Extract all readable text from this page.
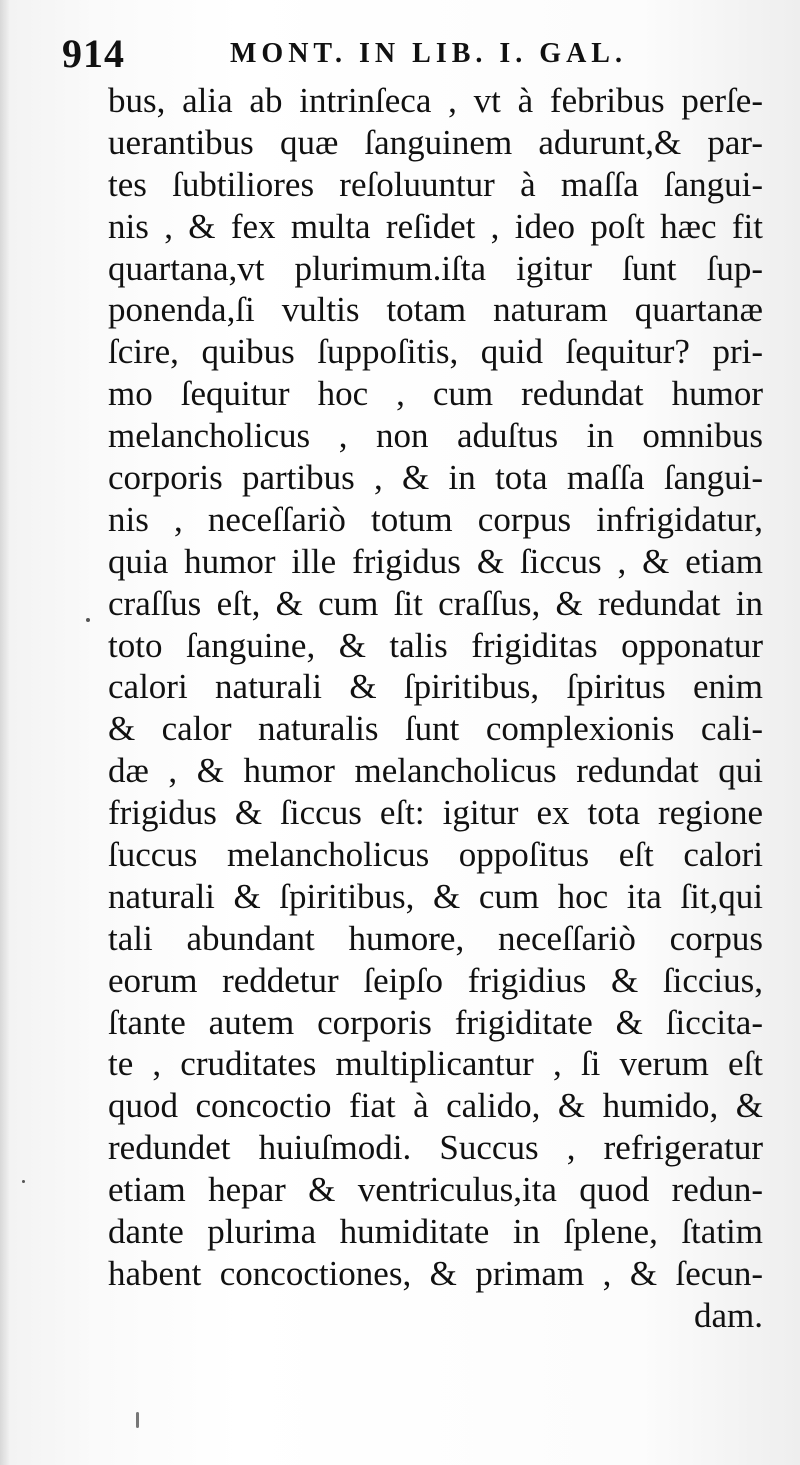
914	MONT. IN LIB. I. GAL.
bus, alia ab intrinſeca , vt à febribus perſe-
uerantibus quæ ſanguinem adurunt,& par-
tes ſubtiliores reſoluuntur à maſſa ſangui-
nis , & fex multa reſidet , ideo poſt hæc fit
quartana,vt plurimum.iſta igitur ſunt ſup-
ponenda,ſi vultis totam naturam quartanæ
ſcire, quibus ſuppoſitis, quid ſequitur? pri-
mo ſequitur hoc , cum redundat humor
melancholicus , non aduſtus in omnibus
corporis partibus , & in tota maſſa ſangui-
nis , neceſſariò totum corpus infrigidatur,
quia humor ille frigidus & ſiccus , & etiam
craſſus eſt, & cum ſit craſſus, & redundat in
toto ſanguine, & talis frigiditas opponatur
calori naturali & ſpiritibus, ſpiritus enim
& calor naturalis ſunt complexionis cali-
dæ , & humor melancholicus redundat qui
frigidus & ſiccus eſt: igitur ex tota regione
ſuccus melancholicus oppoſitus eſt calori
naturali & ſpiritibus, & cum hoc ita ſit,qui
tali abundant humore, neceſſariò corpus
eorum reddetur ſeipſo frigidius & ſiccius,
ſtante autem corporis frigiditate & ſiccita-
te , cruditates multiplicantur , ſi verum eſt
quod concoctio fiat à calido, & humido, &
redundet huiuſmodi. Succus , refrigeratur
etiam hepar & ventriculus,ita quod redun-
dante plurima humiditate in ſplene, ſtatim
habent concoctiones, & primam , & ſecun-
dam.
